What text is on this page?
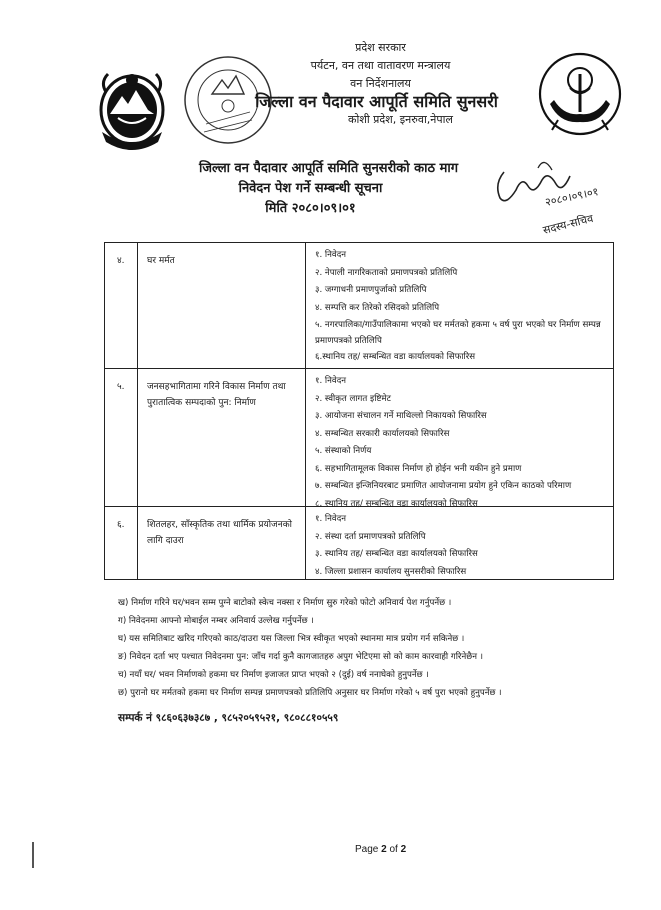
प्रदेश सरकार
पर्यटन, वन तथा वातावरण मन्त्रालय
वन निर्देशनालय
जिल्ला वन पैदावार आपूर्ति समिति सुनसरी
कोशी प्रदेश, इनरुवा,नेपाल
जिल्ला वन पैदावार आपूर्ति समिति सुनसरीको काठ माग
निवेदन पेश गर्ने सम्बन्धी सूचना
मिति २०८०।०९।०१	२०८०।०९।०१
सदस्य-सचिव
४. घर मर्मत
१. निवेदन
२. नेपाली नागरिकताको प्रमाणपत्रको प्रतिलिपि
३. जग्गाधनी प्रमाणपुर्जाको प्रतिलिपि
४. सम्पत्ति कर तिरेको रसिदको प्रतिलिपि
५. नगरपालिका/गाउँपालिकामा भएको घर मर्मतको हकमा ५ वर्ष पुरा भएको घर निर्माण सम्पन्न प्रमाणपत्रको प्रतिलिपि
६.स्थानिय तह/ सम्बन्धित वडा कार्यालयको सिफारिस
५. जनसहभागितामा गरिने विकास निर्माण तथा पुरातात्विक सम्पदाको पुन: निर्माण
१. निवेदन
२. स्वीकृत लागत इष्टिमेट
३. आयोजना संचालन गर्ने माथिल्लो निकायको सिफारिस
४. सम्बन्धित सरकारी कार्यालयको सिफारिस
५. संस्थाको निर्णय
६. सहभागितामूलक विकास निर्माण हो होईन भनी यकीन हुने प्रमाण
७. सम्बन्धित इन्जिनियरबाट प्रमाणित आयोजनामा प्रयोग हुने एकिन काठको परिमाण
८. स्थानिय तह/ सम्बन्धित वडा कार्यालयको सिफारिस
६. शितलहर, साँस्कृतिक तथा धार्मिक प्रयोजनको लागि दाउरा
१. निवेदन
२. संस्था दर्ता प्रमाणपत्रको प्रतिलिपि
३. स्थानिय तह/ सम्बन्धित वडा कार्यालयको सिफारिस
४. जिल्ला प्रशासन कार्यालय सुनसरीको सिफारिस
ख) निर्माण गरिने घर/भवन सम्म पुग्ने बाटोको स्केच नक्सा र निर्माण सुरु गरेको फोटो अनिवार्य पेश गर्नुपर्नेछ ।
ग) निवेदनमा आफ्नो मोबाईल नम्बर अनिवार्य उल्लेख गर्नुपर्नेछ ।
घ) यस समितिबाट खरिद गरिएको काठ/दाउरा यस जिल्ला भित्र स्वीकृत भएको स्थानमा मात्र प्रयोग गर्न सकिनेछ ।
ङ) निवेदन दर्ता भए पश्चात निवेदनमा पुन: जाँच गर्दा कुनै कागजातहरु अपुग भेटिएमा सो को काम कारवाही गरिनेछैन ।
च) नयाँ घर/ भवन निर्माणको हकमा घर निर्माण इजाजत प्राप्त भएको २ (दुई) वर्ष ननाघेको हुनुपर्नेछ ।
छ) पुरानो घर मर्मतको हकमा घर निर्माण सम्पन्न प्रमाणपत्रको प्रतिलिपि अनुसार घर निर्माण गरेको ५ वर्ष पुरा भएको हुनुपर्नेछ ।
सम्पर्क नं ९८६०६३७३८७ , ९८५२०५९५२१, ९८०८८१०५५९
Page 2 of 2
